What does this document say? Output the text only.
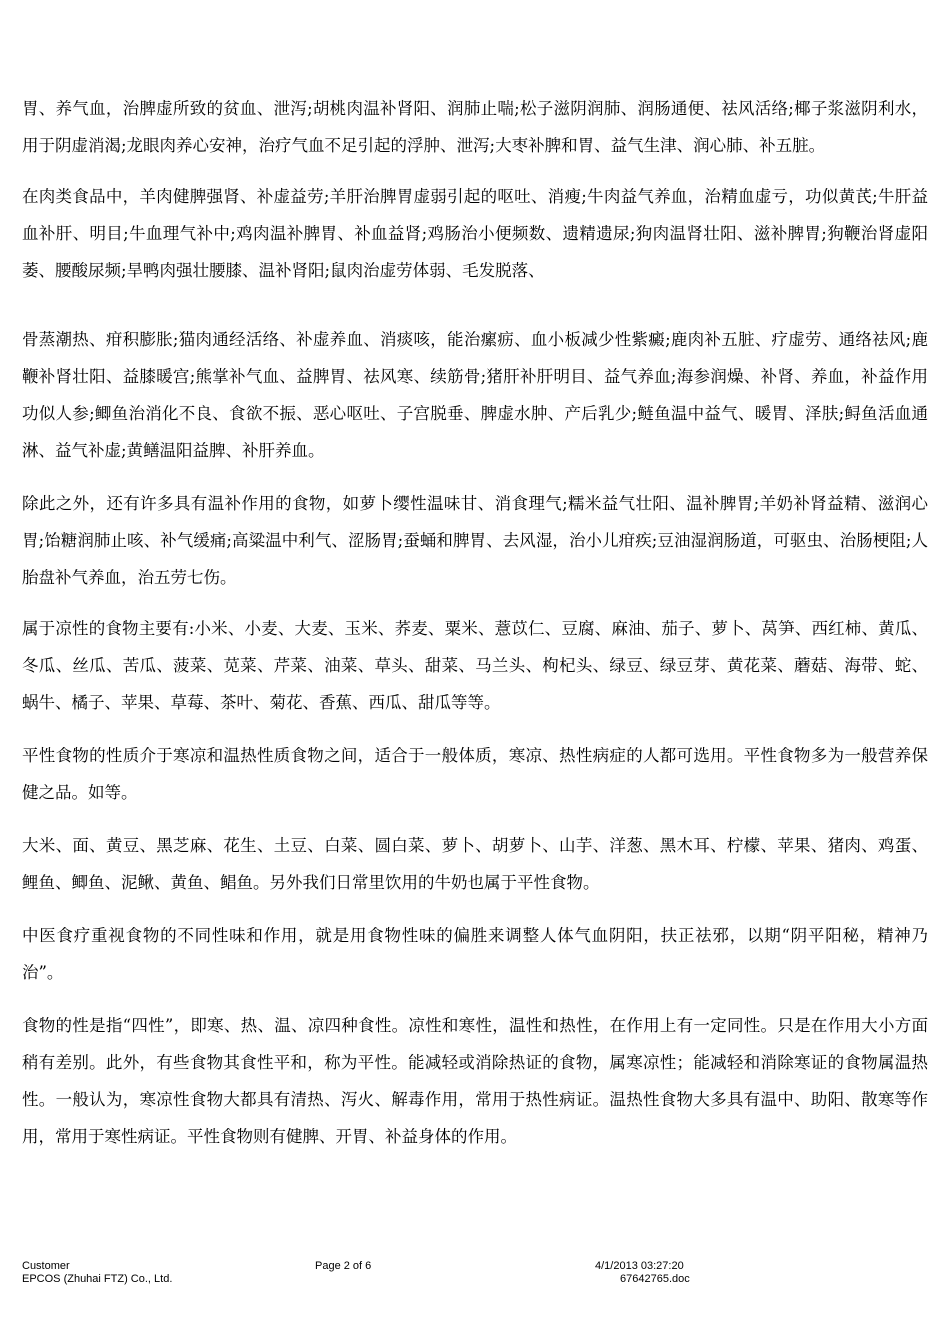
胃、养气血，治脾虚所致的贫血、泄泻;胡桃肉温补肾阳、润肺止喘;松子滋阴润肺、润肠通便、祛风活络;椰子浆滋阴利水，用于阴虚消渴;龙眼肉养心安神，治疗气血不足引起的浮肿、泄泻;大枣补脾和胃、益气生津、润心肺、补五脏。

在肉类食品中，羊肉健脾强肾、补虚益劳;羊肝治脾胃虚弱引起的呕吐、消瘦;牛肉益气养血，治精血虚亏，功似黄芪;牛肝益血补肝、明目;牛血理气补中;鸡肉温补脾胃、补血益肾;鸡肠治小便频数、遗精遗尿;狗肉温肾壮阳、滋补脾胃;狗鞭治肾虚阳萎、腰酸尿频;旱鸭肉强壮腰膝、温补肾阳;鼠肉治虚劳体弱、毛发脱落、

骨蒸潮热、疳积膨胀;猫肉通经活络、补虚养血、消痰咳，能治瘰疬、血小板减少性紫癜;鹿肉补五脏、疗虚劳、通络祛风;鹿鞭补肾壮阳、益膝暖宫;熊掌补气血、益脾胃、祛风寒、续筋骨;猪肝补肝明目、益气养血;海参润燥、补肾、养血，补益作用功似人参;鲫鱼治消化不良、食欲不振、恶心呕吐、子宫脱垂、脾虚水肿、产后乳少;鲢鱼温中益气、暖胃、泽肤;鲟鱼活血通淋、益气补虚;黄鳝温阳益脾、补肝养血。

除此之外，还有许多具有温补作用的食物，如萝卜缨性温味甘、消食理气;糯米益气壮阳、温补脾胃;羊奶补肾益精、滋润心胃;饴糖润肺止咳、补气缓痛;高粱温中利气、涩肠胃;蚕蛹和脾胃、去风湿，治小儿疳疾;豆油湿润肠道，可驱虫、治肠梗阻;人胎盘补气养血，治五劳七伤。

属于凉性的食物主要有:小米、小麦、大麦、玉米、荞麦、粟米、薏苡仁、豆腐、麻油、茄子、萝卜、莴笋、西红柿、黄瓜、冬瓜、丝瓜、苦瓜、菠菜、苋菜、芹菜、油菜、草头、甜菜、马兰头、枸杞头、绿豆、绿豆芽、黄花菜、蘑菇、海带、蛇、蜗牛、橘子、苹果、草莓、茶叶、菊花、香蕉、西瓜、甜瓜等等。

平性食物的性质介于寒凉和温热性质食物之间，适合于一般体质，寒凉、热性病症的人都可选用。平性食物多为一般营养保健之品。如等。

大米、面、黄豆、黑芝麻、花生、土豆、白菜、圆白菜、萝卜、胡萝卜、山芋、洋葱、黑木耳、柠檬、苹果、猪肉、鸡蛋、鲤鱼、鲫鱼、泥鳅、黄鱼、鲳鱼。另外我们日常里饮用的牛奶也属于平性食物。

中医食疗重视食物的不同性味和作用，就是用食物性味的偏胜来调整人体气血阴阳，扶正祛邪，以期“阴平阳秘，精神乃治”。

食物的性是指“四性”，即寒、热、温、凉四种食性。凉性和寒性，温性和热性，在作用上有一定同性。只是在作用大小方面稍有差别。此外，有些食物其食性平和，称为平性。能减轻或消除热证的食物，属寒凉性；能减轻和消除寒证的食物属温热性。一般认为，寒凉性食物大都具有清热、泻火、解毒作用，常用于热性病证。温热性食物大多具有温中、助阳、散寒等作用，常用于寒性病证。平性食物则有健脾、开胃、补益身体的作用。

Customer
EPCOS (Zhuhai FTZ) Co., Ltd.
Page 2 of 6	4/1/2013 03:27:20
67642765.doc
